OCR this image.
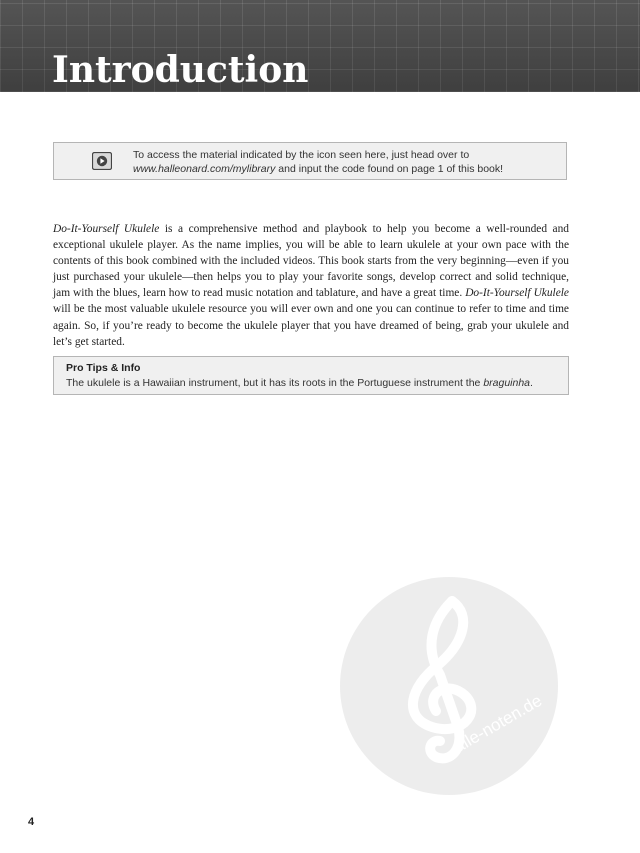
Introduction
To access the material indicated by the icon seen here, just head over to
www.halleonard.com/mylibrary and input the code found on page 1 of this book!

Do-It-Yourself Ukulele is a comprehensive method and playbook to help you become a well-rounded and exceptional ukulele player. As the name implies, you will be able to learn ukulele at your own pace with the contents of this book combined with the included videos. This book starts from the very beginning—even if you just purchased your ukulele—then helps you to play your favorite songs, develop correct and solid technique, jam with the blues, learn how to read music notation and tablature, and have a great time. Do-It-Yourself Ukulele will be the most valuable ukulele resource you will ever own and one you can continue to refer to time and time again. So, if you’re ready to become the ukulele player that you have dreamed of being, grab your ukulele and let’s get started.

Pro Tips & Info
The ukulele is a Hawaiian instrument, but it has its roots in the Portuguese instrument the braguinha.
alle-noten.de
4
